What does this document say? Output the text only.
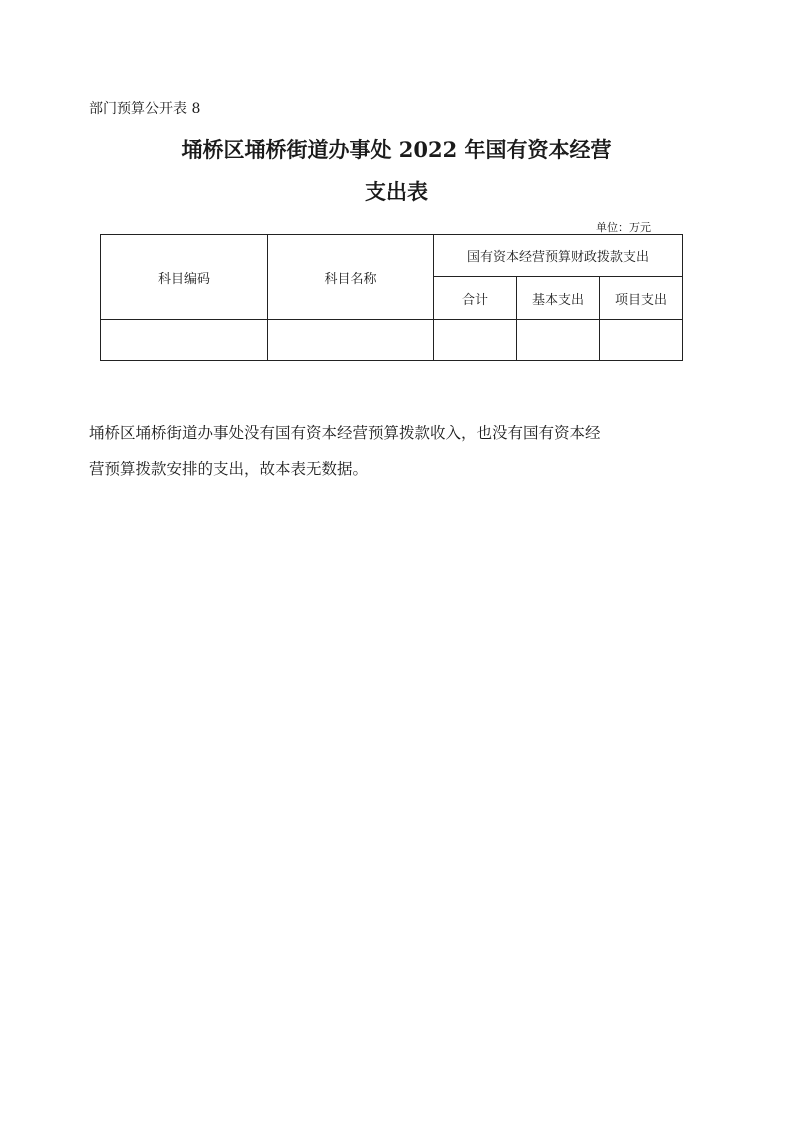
部门预算公开表 8
埇桥区埇桥街道办事处 2022 年国有资本经营
支出表
单位：万元
科目编码	科目名称	国有资本经营预算财政拨款支出		
		合计	基本支出	项目支出

埇桥区埇桥街道办事处没有国有资本经营预算拨款收入，也没有国有资本经
营预算拨款安排的支出，故本表无数据。
